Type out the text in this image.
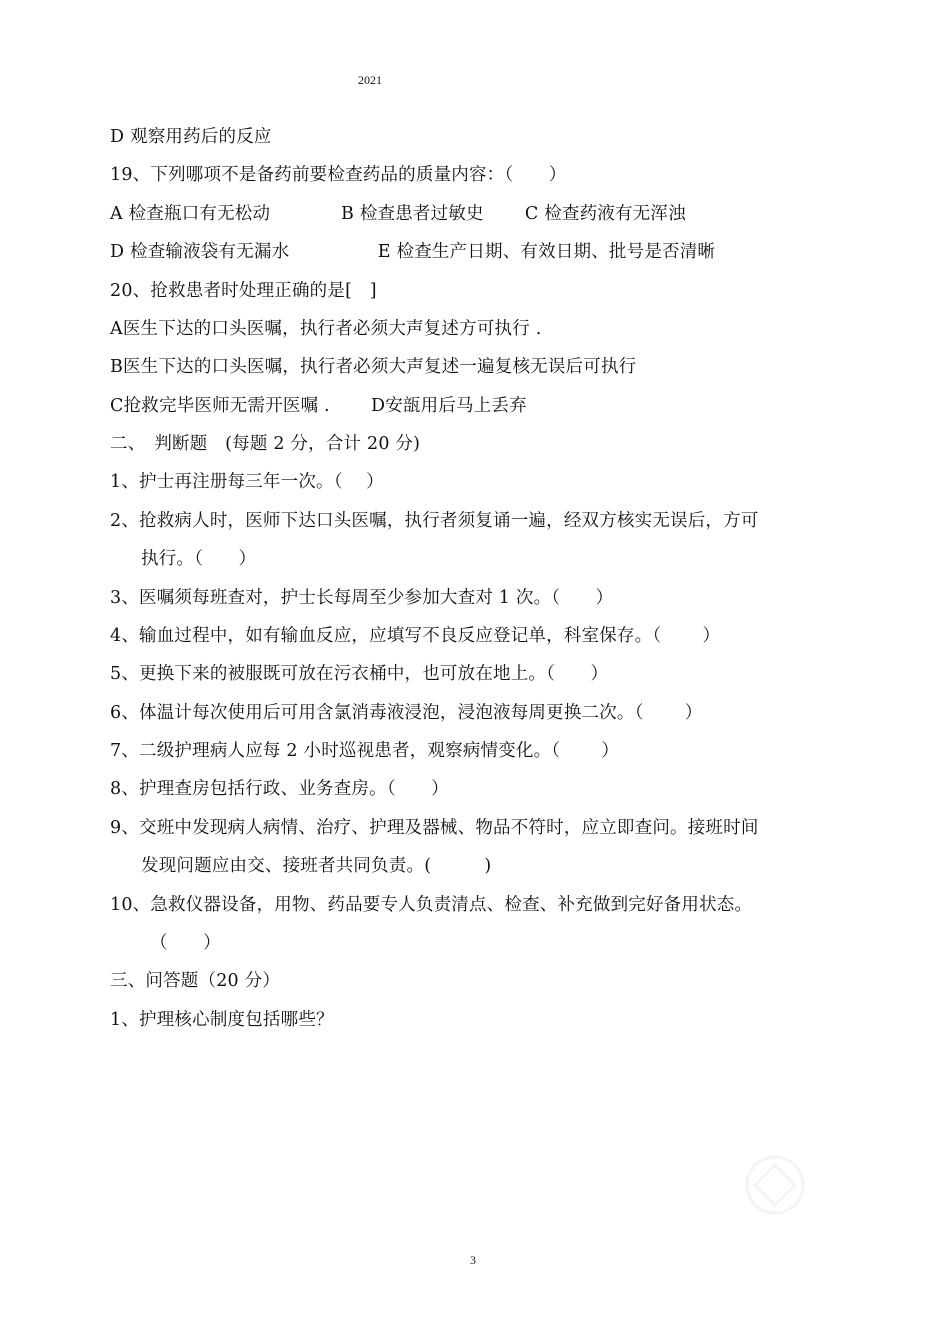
2021
D 观察用药后的反应
19、下列哪项不是备药前要检查药品的质量内容：（　　）
A 检查瓶口有无松动　　　　B 检查患者过敏史　　 C 检查药液有无浑浊
D 检查输液袋有无漏水　　　　　E 检查生产日期、有效日期、批号是否清晰
20、抢救患者时处理正确的是[　]
A医生下达的口头医嘱，执行者必须大声复述方可执行 .
B医生下达的口头医嘱，执行者必须大声复述一遍复核无误后可执行
C抢救完毕医师无需开医嘱 .　　 D安瓿用后马上丢弃
二、　判断题　(每题 2 分，合计 20 分)
1、护士再注册每三年一次。（　 ）
2、抢救病人时，医师下达口头医嘱，执行者须复诵一遍，经双方核实无误后，方可
执行。（　　）
3、医嘱须每班查对，护士长每周至少参加大查对 1 次。（　　）
4、输血过程中，如有输血反应，应填写不良反应登记单，科室保存。（　　 ）
5、更换下来的被服既可放在污衣桶中，也可放在地上。（　　）
6、体温计每次使用后可用含氯消毒液浸泡，浸泡液每周更换二次。（　　 ）
7、二级护理病人应每 2 小时巡视患者，观察病情变化。（　　 ）
8、护理查房包括行政、业务查房。（　　）
9、交班中发现病人病情、治疗、护理及器械、物品不符时，应立即查问。接班时间
发现问题应由交、接班者共同负责。(　　　)
10、急救仪器设备，用物、药品要专人负责清点、检查、补充做到完好备用状态。
（　　）
三、问答题（20 分）
1、护理核心制度包括哪些？
3
